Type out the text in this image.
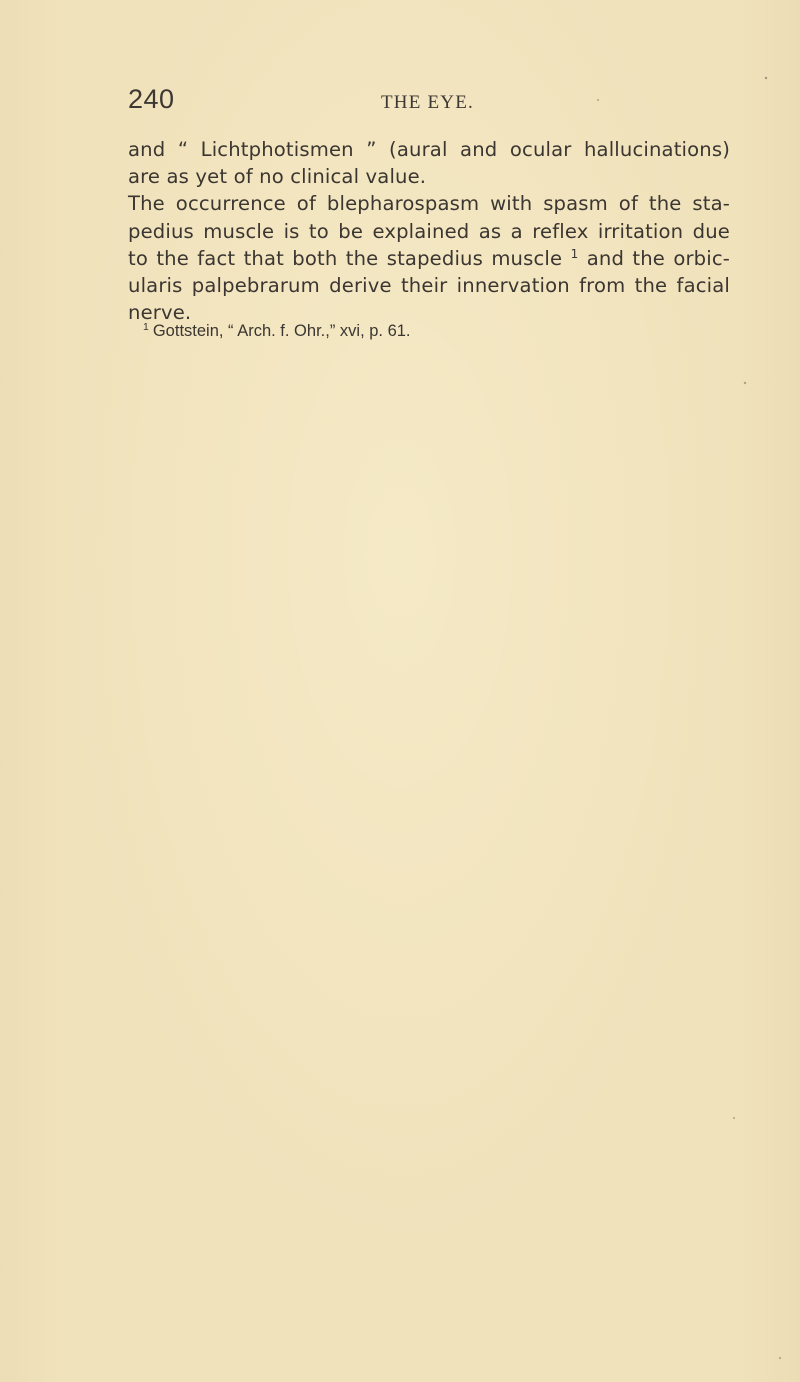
240	THE EYE.
and “ Lichtphotismen ” (aural and ocular hallucinations)
are as yet of no clinical value.
The occurrence of blepharospasm with spasm of the sta-
pedius muscle is to be explained as a reflex irritation due
to the fact that both the stapedius muscle $^1$ and the orbic-
ularis palpebrarum derive their innervation from the facial
nerve.
$^1$ Gottstein, “ Arch. f. Ohr.,” xvi, p. 61.
